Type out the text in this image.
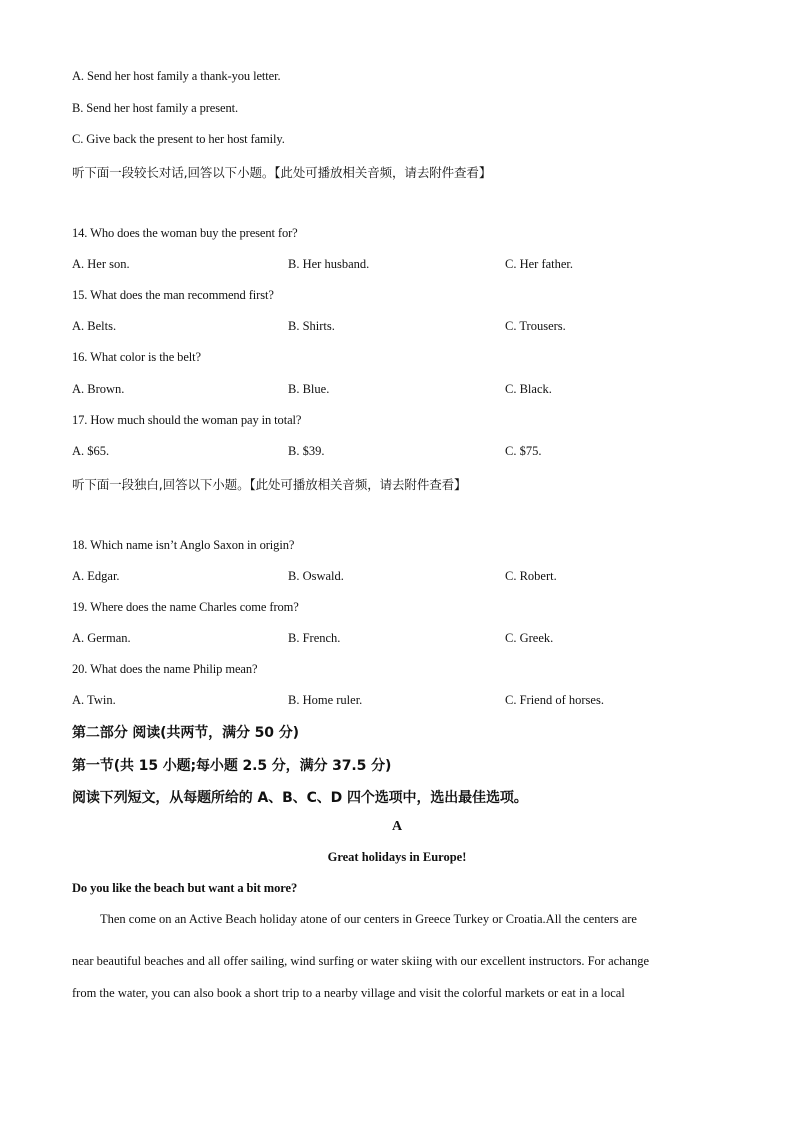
A. Send her host family a thank-you letter.
B. Send her host family a present.
C. Give back the present to her host family.
听下面一段较长对话,回答以下小题。【此处可播放相关音频，请去附件查看】
14. Who does the woman buy the present for?
A. Her son.	B. Her husband.	C. Her father.
15. What does the man recommend first?
A. Belts.	B. Shirts.	C. Trousers.
16. What color is the belt?
A. Brown.	B. Blue.	C. Black.
17. How much should the woman pay in total?
A. $65.	B. $39.	C. $75.
听下面一段独白,回答以下小题。【此处可播放相关音频，请去附件查看】
18. Which name isn’t Anglo Saxon in origin?
A. Edgar.	B. Oswald.	C. Robert.
19. Where does the name Charles come from?
A. German.	B. French.	C. Greek.
20. What does the name Philip mean?
A. Twin.	B. Home ruler.	C. Friend of horses.
第二部分 阅读(共两节，满分 50 分)
第一节(共 15 小题;每小题 2.5 分，满分 37.5 分)
阅读下列短文，从每题所给的 A、B、C、D 四个选项中，选出最佳选项。
A
Great holidays in Europe!
Do you like the beach but want a bit more?
Then come on an Active Beach holiday atone of our centers in Greece Turkey or Croatia.All the centers are
near beautiful beaches and all offer sailing, wind surfing or water skiing with our excellent instructors. For achange
from the water, you can also book a short trip to a nearby village and visit the colorful markets or eat in a local
